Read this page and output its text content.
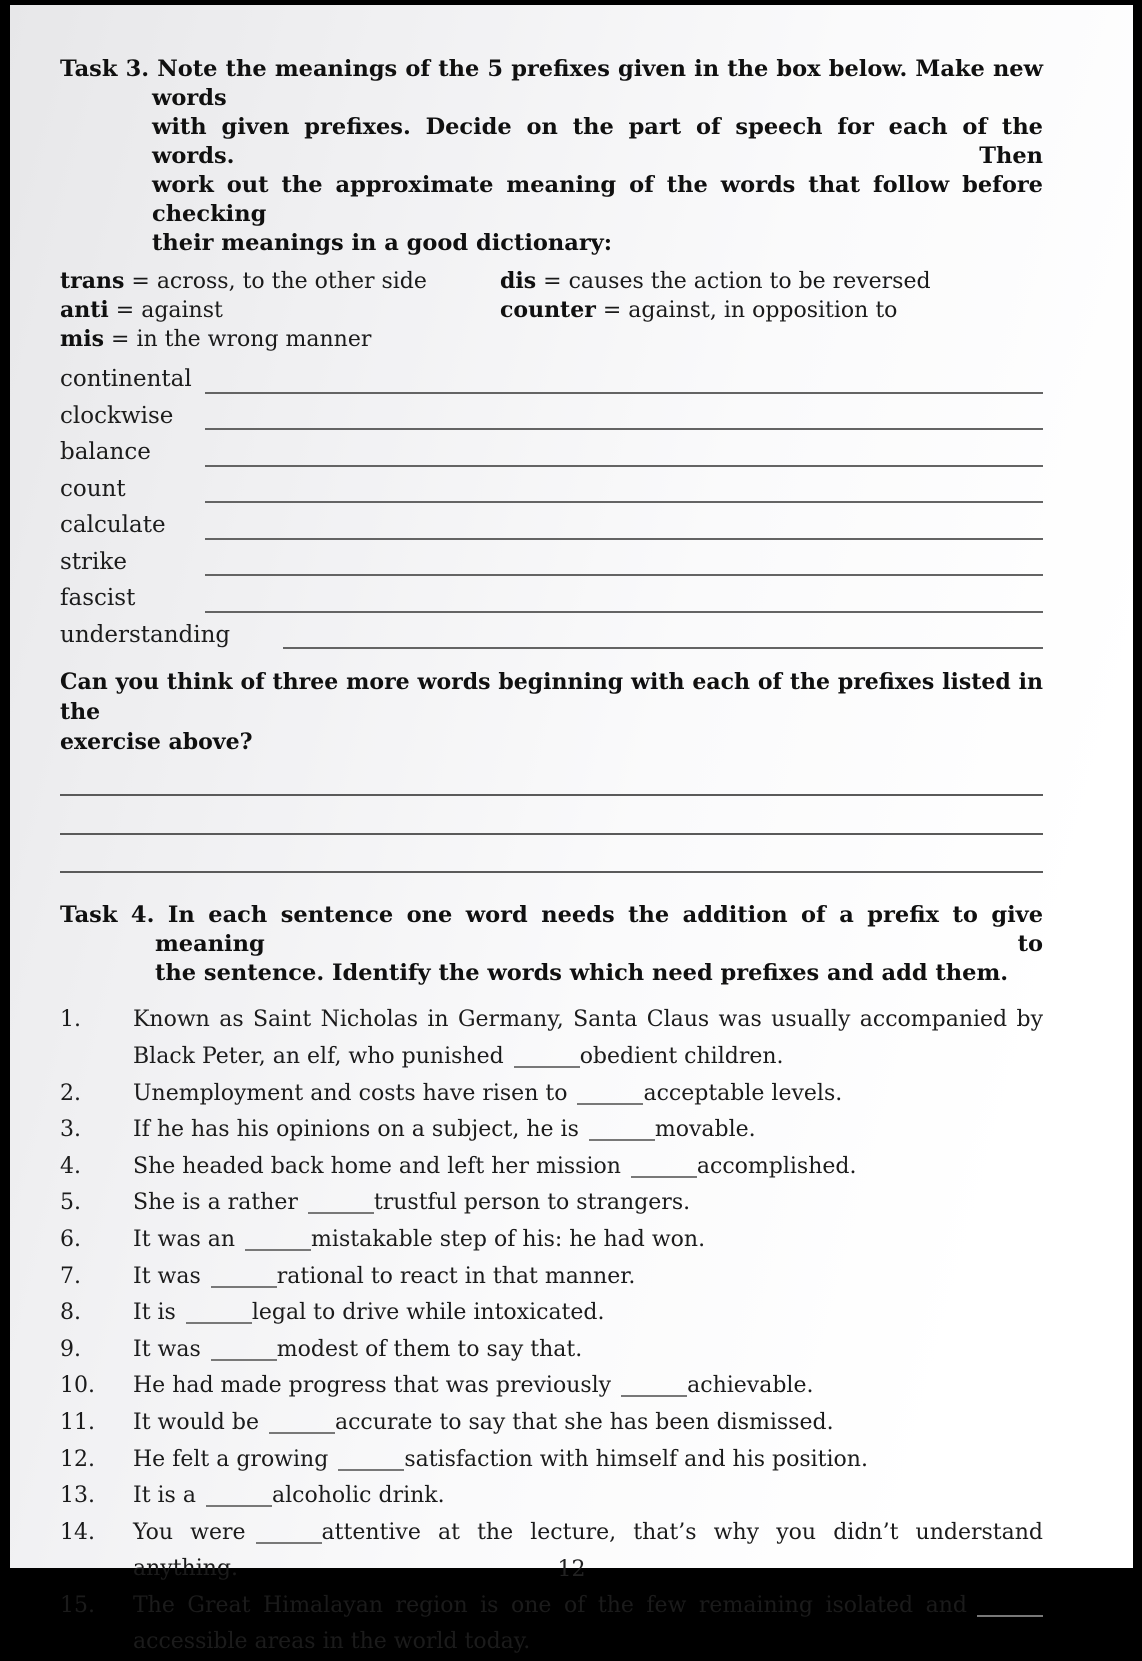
Task 3. Note the meanings of the 5 prefixes given in the box below. Make new words
with given prefixes. Decide on the part of speech for each of the words. Then
work out the approximate meaning of the words that follow before checking
their meanings in a good dictionary:
trans = across, to the other side
anti = against
mis = in the wrong manner
dis = causes the action to be reversed
counter = against, in opposition to
continental
clockwise
balance
count
calculate
strike
fascist
understanding
Can you think of three more words beginning with each of the prefixes listed in the
exercise above?
Task 4. In each sentence one word needs the addition of a prefix to give meaning to
the sentence. Identify the words which need prefixes and add them.
1. Known as Saint Nicholas in Germany, Santa Claus was usually accompanied by
Black Peter, an elf, who punished	obedient children.
2. Unemployment and costs have risen to	acceptable levels.
3. If he has his opinions on a subject, he is	movable.
4. She headed back home and left her mission	accomplished.
5. She is a rather	trustful person to strangers.
6. It was an	mistakable step of his: he had won.
7. It was	rational to react in that manner.
8. It is	legal to drive while intoxicated.
9. It was	modest of them to say that.
10. He had made progress that was previously	achievable.
11. It would be	accurate to say that she has been dismissed.
12. He felt a growing	satisfaction with himself and his position.
13. It is a	alcoholic drink.
14. You were	attentive at the lecture, that’s why you didn’t understand
anything.
15. The Great Himalayan region is one of the few remaining isolated and
accessible areas in the world today.
12
